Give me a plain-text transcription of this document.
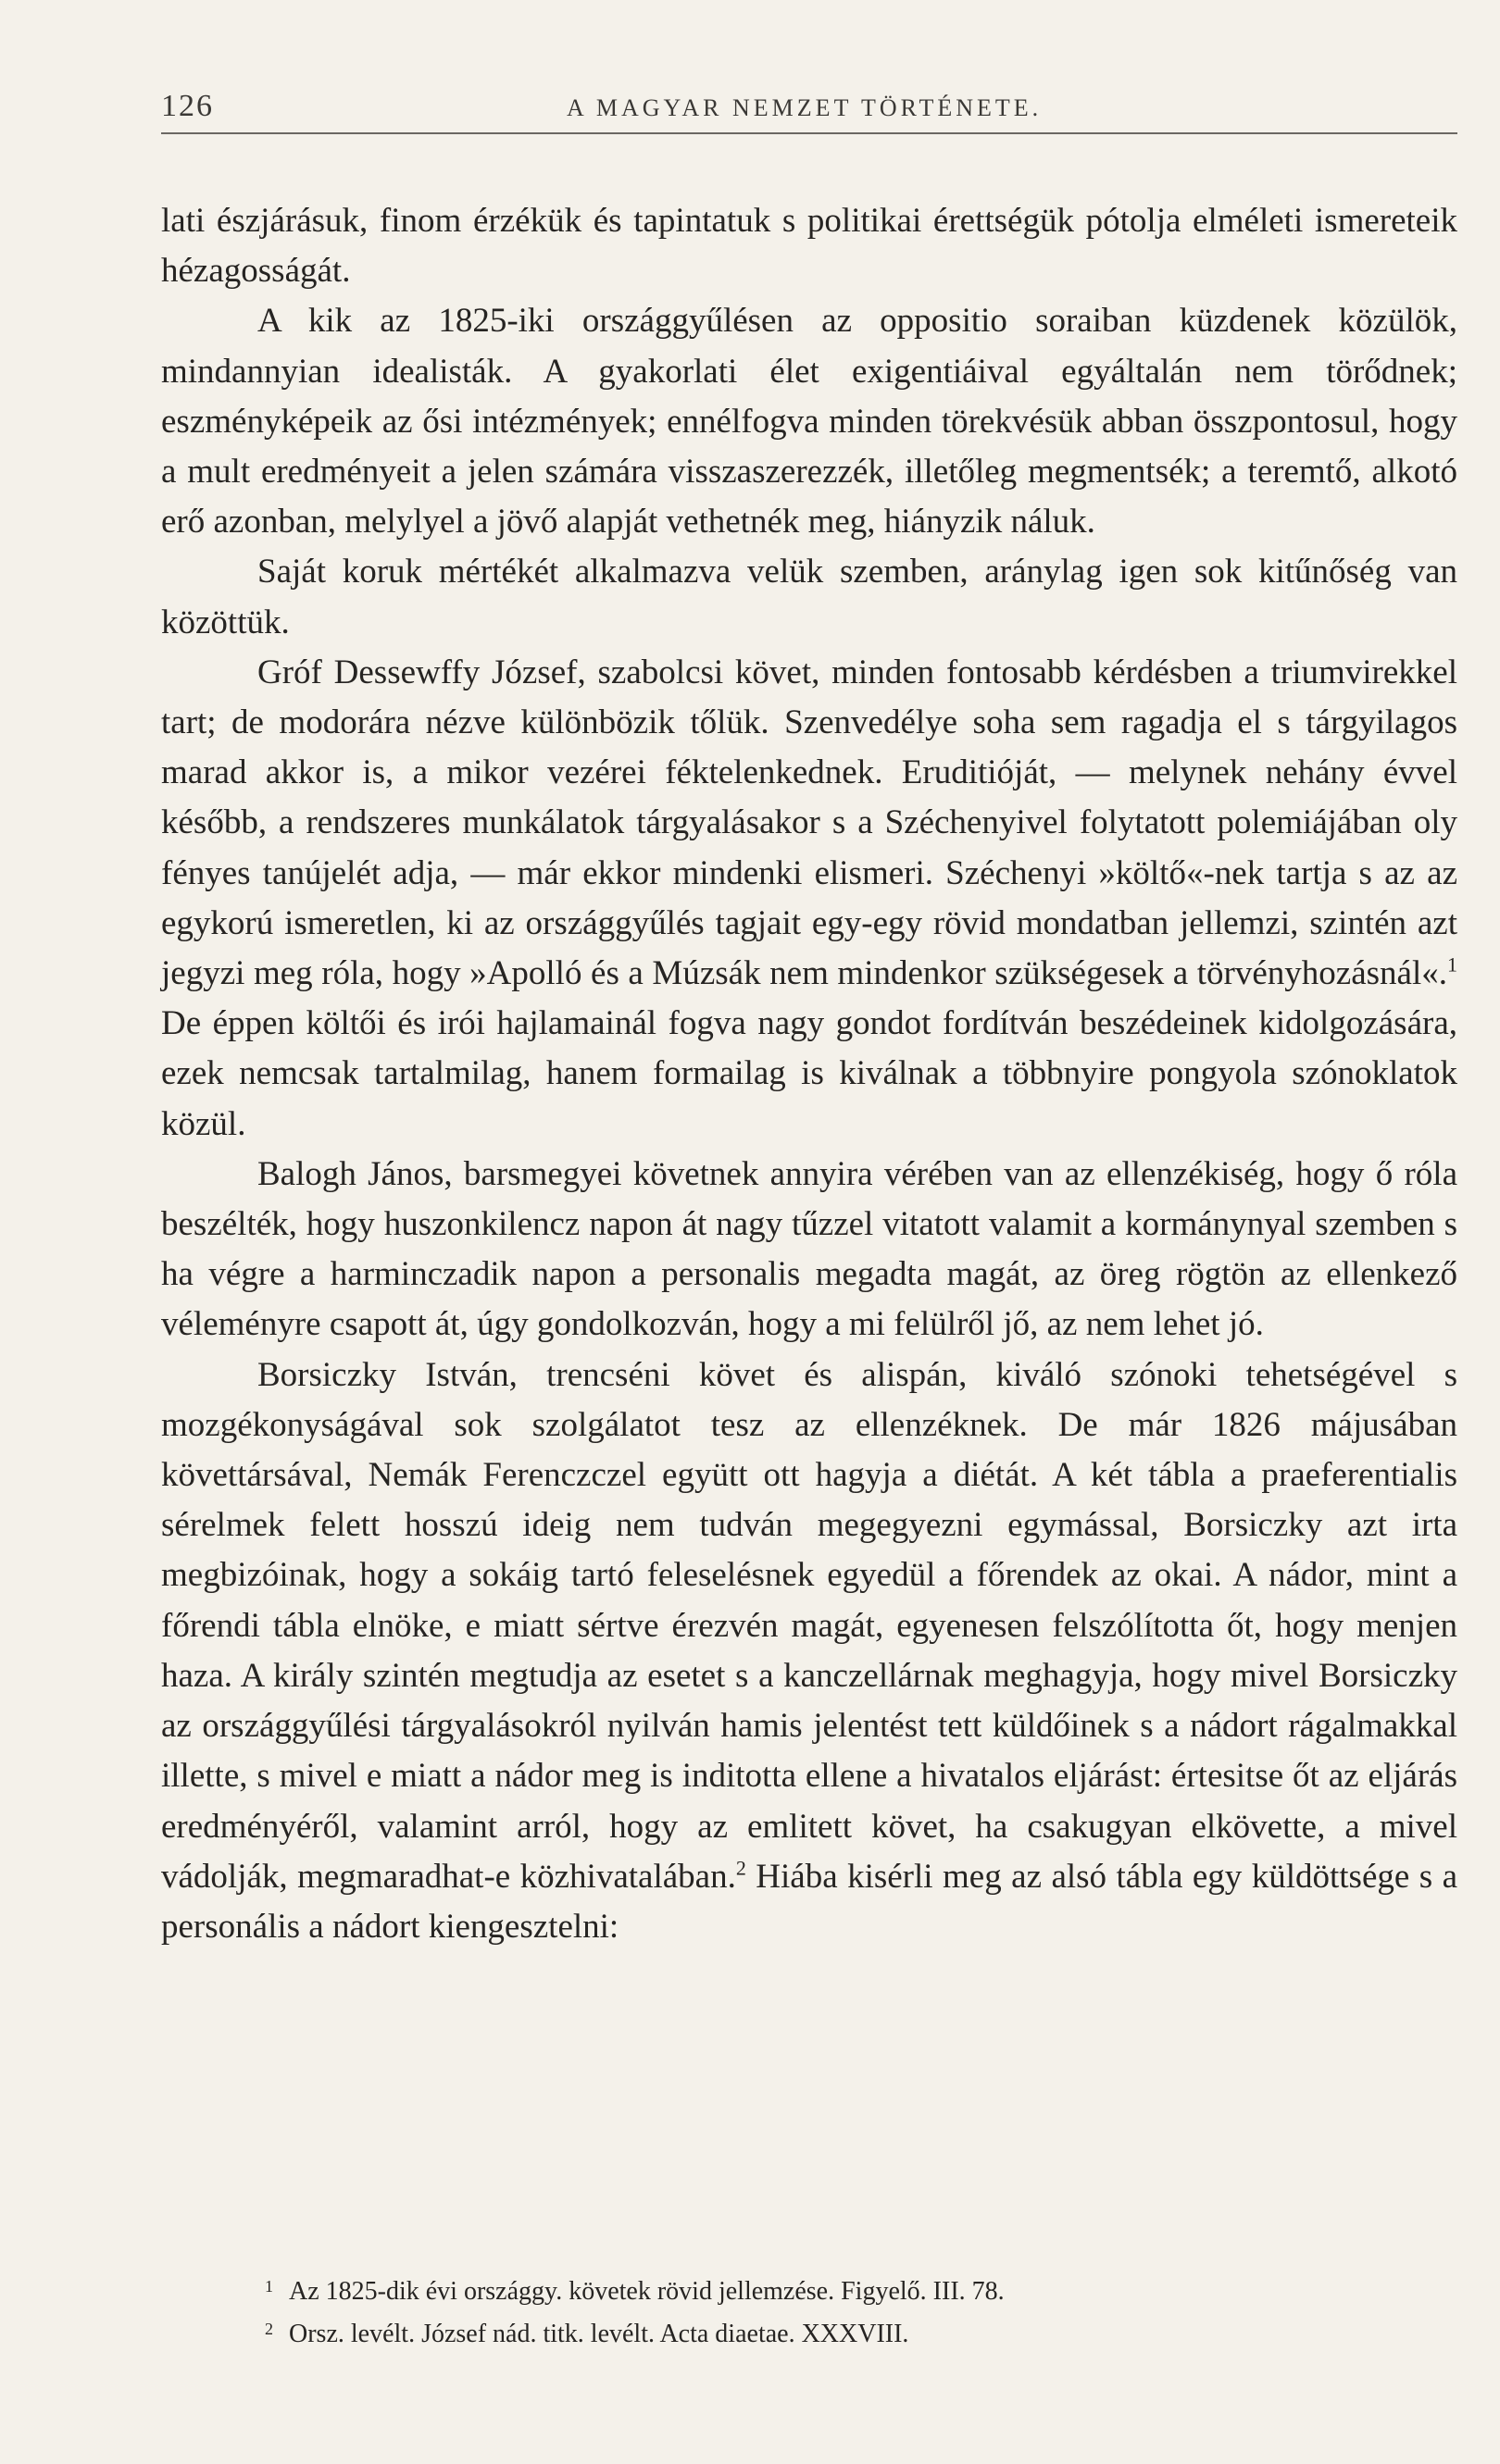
126	A MAGYAR NEMZET TÖRTÉNETE.

lati észjárásuk, finom érzékük és tapintatuk s politikai érettségük pótolja elméleti ismereteik hézagosságát.

A kik az 1825-iki országgyűlésen az oppositio soraiban küzdenek közülök, mindannyian idealisták. A gyakorlati élet exigentiáival egyáltalán nem törődnek; eszményképeik az ősi intézmények; ennélfogva minden törekvésük abban összpontosul, hogy a mult eredményeit a jelen számára visszaszerezzék, illetőleg megmentsék; a teremtő, alkotó erő azonban, melylyel a jövő alapját vethetnék meg, hiányzik náluk.

Saját koruk mértékét alkalmazva velük szemben, aránylag igen sok kitűnőség van közöttük.

Gróf Dessewffy József, szabolcsi követ, minden fontosabb kérdésben a triumvirekkel tart; de modorára nézve különbözik tőlük. Szenvedélye soha sem ragadja el s tárgyilagos marad akkor is, a mikor vezérei féktelenkednek. Eruditióját, — melynek nehány évvel később, a rendszeres munkálatok tárgyalásakor s a Széchenyivel folytatott polemiájában oly fényes tanújelét adja, — már ekkor mindenki elismeri. Széchenyi »költő«-nek tartja s az az egykorú ismeretlen, ki az országgyűlés tagjait egy-egy rövid mondatban jellemzi, szintén azt jegyzi meg róla, hogy »Apolló és a Múzsák nem mindenkor szükségesek a törvényhozásnál«.$^1$ De éppen költői és irói hajlamainál fogva nagy gondot fordítván beszédeinek kidolgozására, ezek nemcsak tartalmilag, hanem formailag is kiválnak a többnyire pongyola szónoklatok közül.

Balogh János, barsmegyei követnek annyira vérében van az ellenzékiség, hogy ő róla beszélték, hogy huszonkilencz napon át nagy tűzzel vitatott valamit a kormánynyal szemben s ha végre a harminczadik napon a personalis megadta magát, az öreg rögtön az ellenkező véleményre csapott át, úgy gondolkozván, hogy a mi felülről jő, az nem lehet jó.

Borsiczky István, trencséni követ és alispán, kiváló szónoki tehetségével s mozgékonyságával sok szolgálatot tesz az ellenzéknek. De már 1826 májusában követtársával, Nemák Ferenczczel együtt ott hagyja a diétát. A két tábla a praeferentialis sérelmek felett hosszú ideig nem tudván megegyezni egymással, Borsiczky azt irta megbizóinak, hogy a sokáig tartó feleselésnek egyedül a főrendek az okai. A nádor, mint a főrendi tábla elnöke, e miatt sértve érezvén magát, egyenesen felszólította őt, hogy menjen haza. A király szintén megtudja az esetet s a kanczellárnak meghagyja, hogy mivel Borsiczky az országgyűlési tárgyalásokról nyilván hamis jelentést tett küldőinek s a nádort rágalmakkal illette, s mivel e miatt a nádor meg is inditotta ellene a hivatalos eljárást: értesitse őt az eljárás eredményéről, valamint arról, hogy az emlitett követ, ha csakugyan elkövette, a mivel vádolják, megmaradhat-e közhivatalában.$^2$ Hiába kisérli meg az alsó tábla egy küldöttsége s a personális a nádort kiengesztelni:

1 Az 1825-dik évi országgy. követek rövid jellemzése. Figyelő. III. 78.
2 Orsz. levélt. József nád. titk. levélt. Acta diaetae. XXXVIII.
